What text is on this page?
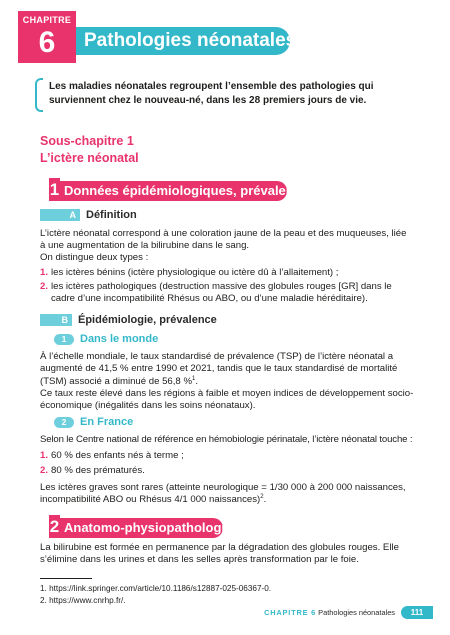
CHAPITRE
6	Pathologies néonatales
Les maladies néonatales regroupent l’ensemble des pathologies qui surviennent chez le nouveau-né, dans les 28 premiers jours de vie.
Sous-chapitre 1
L’ictère néonatal
1 Données épidémiologiques, prévalence
A Définition
L’ictère néonatal correspond à une coloration jaune de la peau et des muqueuses, liée à une augmentation de la bilirubine dans le sang.
On distingue deux types :
1. les ictères bénins (ictère physiologique ou ictère dû à l’allaitement) ;
2. les ictères pathologiques (destruction massive des globules rouges [GR] dans le cadre d’une incompatibilité Rhésus ou ABO, ou d’une maladie héréditaire).
B Épidémiologie, prévalence
1	Dans le monde
À l’échelle mondiale, le taux standardisé de prévalence (TSP) de l’ictère néonatal a augmenté de 41,5 % entre 1990 et 2021, tandis que le taux standardisé de mortalité (TSM) associé a diminué de 56,8 %$^1$.
Ce taux reste élevé dans les régions à faible et moyen indices de développement socio-économique (inégalités dans les soins néonataux).
2	En France
Selon le Centre national de référence en hémobiologie périnatale, l’ictère néonatal touche :
1. 60 % des enfants nés à terme ;
2. 80 % des prématurés.
Les ictères graves sont rares (atteinte neurologique = 1/30 000 à 200 000 naissances, incompatibilité ABO ou Rhésus 4/1 000 naissances)$^2$.
2 Anatomo-physiopathologie
La bilirubine est formée en permanence par la dégradation des globules rouges. Elle s’élimine dans les urines et dans les selles après transformation par le foie.
1. https://link.springer.com/article/10.1186/s12887-025-06367-0.
2. https://www.cnrhp.fr/.
CHAPITRE 6 Pathologies néonatales	111
